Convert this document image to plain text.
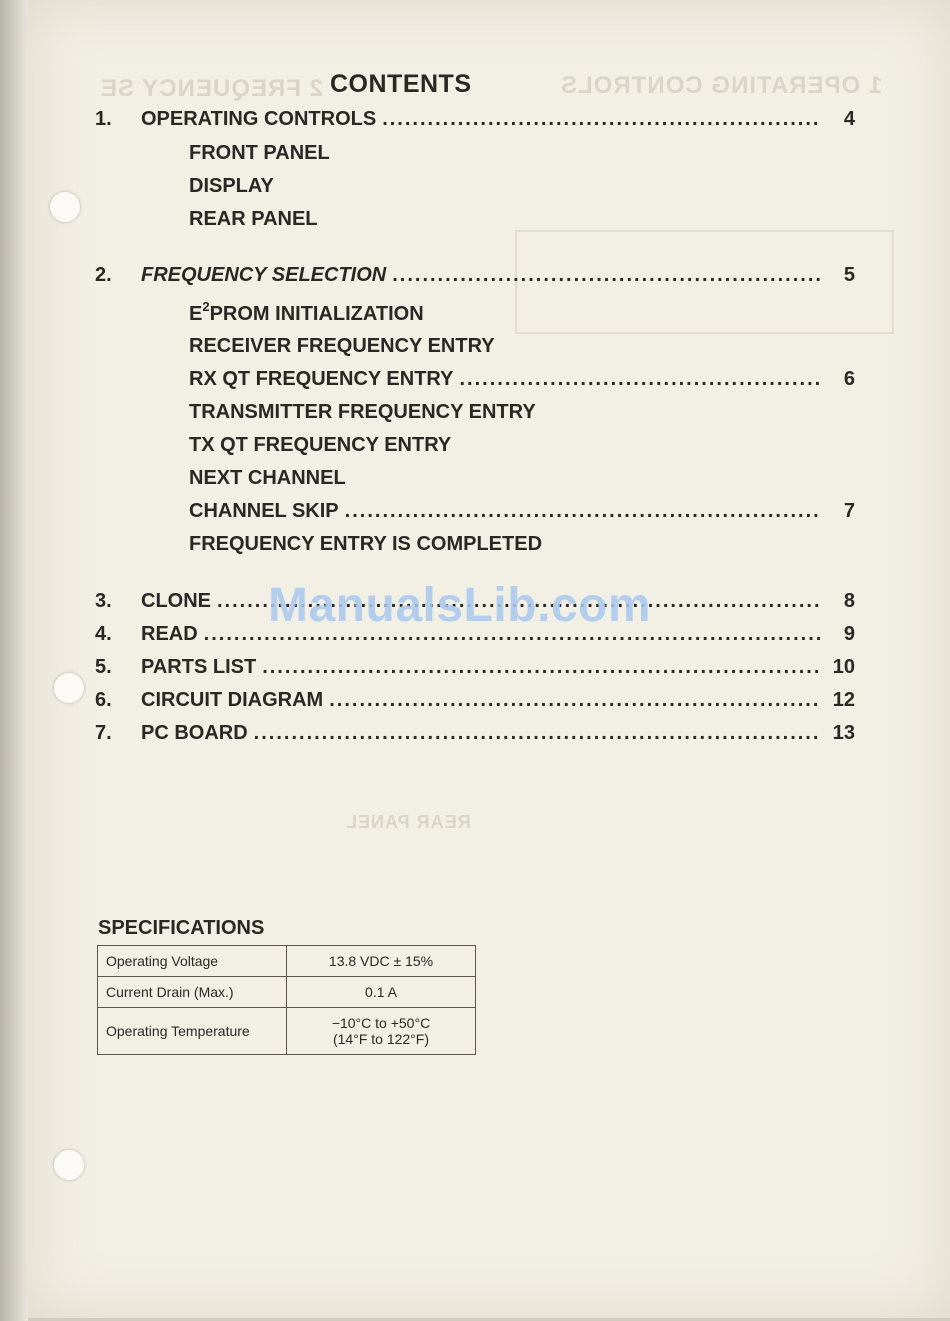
1 OPERATING CONTROLS
2 FREQUENCY SE
REAR PANEL
CONTENTS
1.	OPERATING CONTROLS .....	4
FRONT PANEL
DISPLAY
REAR PANEL
2.	FREQUENCY SELECTION .....	5
$E^2PROM$ INITIALIZATION
RECEIVER FREQUENCY ENTRY
RX QT FREQUENCY ENTRY .....	6
TRANSMITTER FREQUENCY ENTRY
TX QT FREQUENCY ENTRY
NEXT CHANNEL
CHANNEL SKIP .....	7
FREQUENCY ENTRY IS COMPLETED
3.	CLONE .....	8
4.	READ .....	9
5.	PARTS LIST .....	10
6.	CIRCUIT DIAGRAM .....	12
7.	PC BOARD .....	13
ManualsLib.com
SPECIFICATIONS
Operating Voltage	13.8 VDC ± 15%
Current Drain (Max.)	0.1 A
Operating Temperature	−10°C to +50°C
(14°F to 122°F)
